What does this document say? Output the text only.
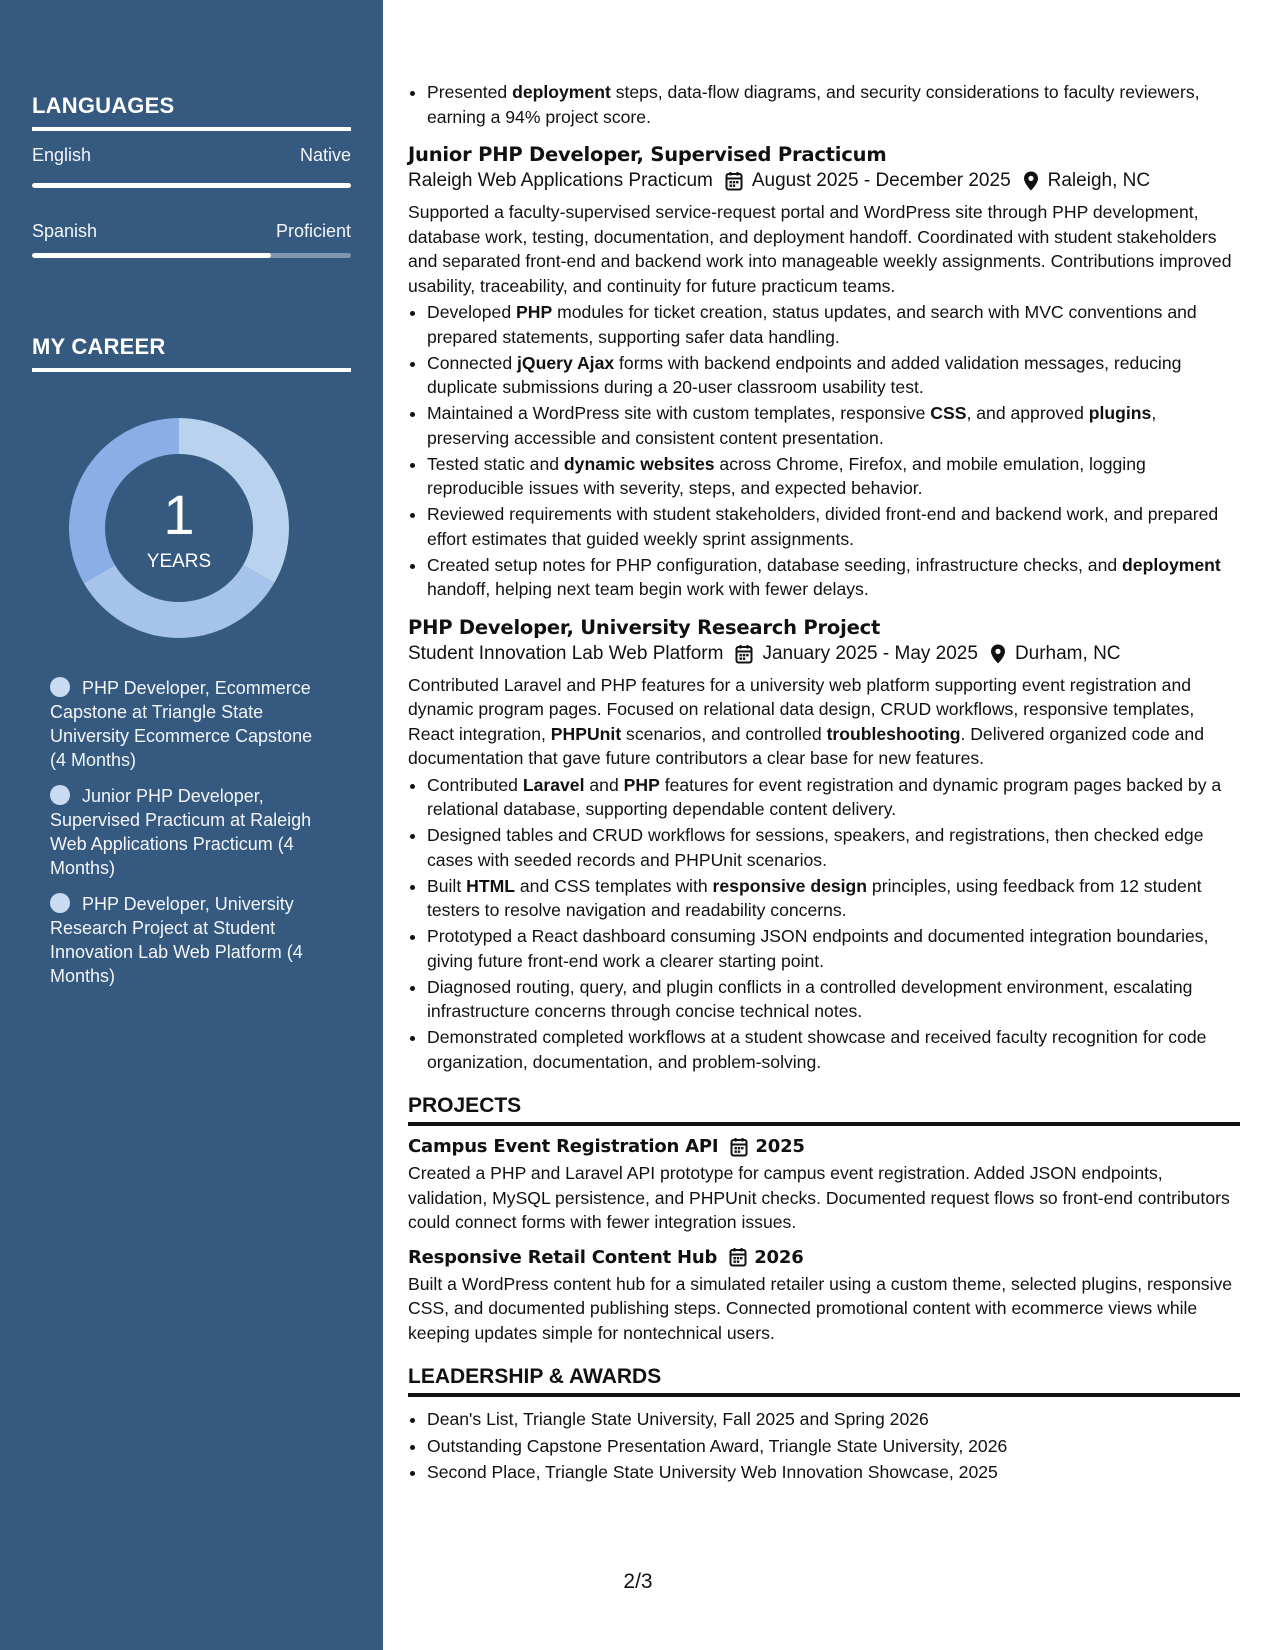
LANGUAGES
English	Native
Spanish	Proficient
MY CAREER
1
YEARS
PHP Developer, Ecommerce Capstone at Triangle State University Ecommerce Capstone (4 Months)
Junior PHP Developer, Supervised Practicum at Raleigh Web Applications Practicum (4 Months)
PHP Developer, University Research Project at Student Innovation Lab Web Platform (4 Months)
• Presented deployment steps, data-flow diagrams, and security considerations to faculty reviewers, earning a 94% project score.
Junior PHP Developer, Supervised Practicum
Raleigh Web Applications Practicum August 2025 - December 2025 Raleigh, NC
Supported a faculty-supervised service-request portal and WordPress site through PHP development, database work, testing, documentation, and deployment handoff. Coordinated with student stakeholders and separated front-end and backend work into manageable weekly assignments. Contributions improved usability, traceability, and continuity for future practicum teams.
• Developed PHP modules for ticket creation, status updates, and search with MVC conventions and prepared statements, supporting safer data handling.
• Connected jQuery Ajax forms with backend endpoints and added validation messages, reducing duplicate submissions during a 20-user classroom usability test.
• Maintained a WordPress site with custom templates, responsive CSS, and approved plugins, preserving accessible and consistent content presentation.
• Tested static and dynamic websites across Chrome, Firefox, and mobile emulation, logging reproducible issues with severity, steps, and expected behavior.
• Reviewed requirements with student stakeholders, divided front-end and backend work, and prepared effort estimates that guided weekly sprint assignments.
• Created setup notes for PHP configuration, database seeding, infrastructure checks, and deployment handoff, helping next team begin work with fewer delays.
PHP Developer, University Research Project
Student Innovation Lab Web Platform January 2025 - May 2025 Durham, NC
Contributed Laravel and PHP features for a university web platform supporting event registration and dynamic program pages. Focused on relational data design, CRUD workflows, responsive templates, React integration, PHPUnit scenarios, and controlled troubleshooting. Delivered organized code and documentation that gave future contributors a clear base for new features.
• Contributed Laravel and PHP features for event registration and dynamic program pages backed by a relational database, supporting dependable content delivery.
• Designed tables and CRUD workflows for sessions, speakers, and registrations, then checked edge cases with seeded records and PHPUnit scenarios.
• Built HTML and CSS templates with responsive design principles, using feedback from 12 student testers to resolve navigation and readability concerns.
• Prototyped a React dashboard consuming JSON endpoints and documented integration boundaries, giving future front-end work a clearer starting point.
• Diagnosed routing, query, and plugin conflicts in a controlled development environment, escalating infrastructure concerns through concise technical notes.
• Demonstrated completed workflows at a student showcase and received faculty recognition for code organization, documentation, and problem-solving.
PROJECTS
Campus Event Registration API 2025
Created a PHP and Laravel API prototype for campus event registration. Added JSON endpoints, validation, MySQL persistence, and PHPUnit checks. Documented request flows so front-end contributors could connect forms with fewer integration issues.
Responsive Retail Content Hub 2026
Built a WordPress content hub for a simulated retailer using a custom theme, selected plugins, responsive CSS, and documented publishing steps. Connected promotional content with ecommerce views while keeping updates simple for nontechnical users.
LEADERSHIP & AWARDS
• Dean's List, Triangle State University, Fall 2025 and Spring 2026
• Outstanding Capstone Presentation Award, Triangle State University, 2026
• Second Place, Triangle State University Web Innovation Showcase, 2025
2/3
